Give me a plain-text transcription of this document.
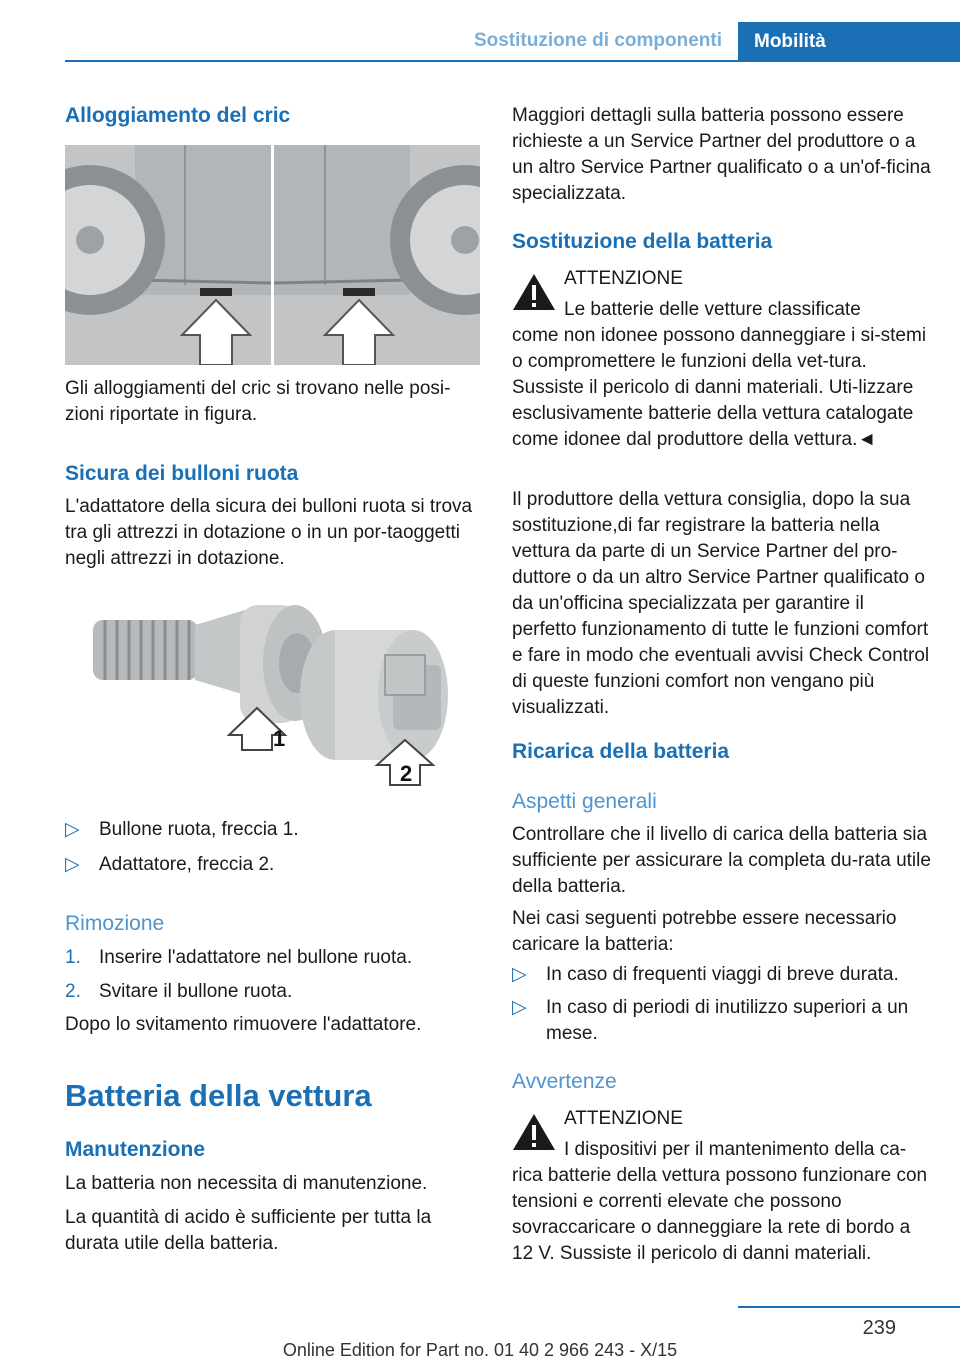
Sostituzione di componenti Mobilità
Alloggiamento del cric
Gli alloggiamenti del cric si trovano nelle posi-zioni riportate in figura.
Sicura dei bulloni ruota
L'adattatore della sicura dei bulloni ruota si trova tra gli attrezzi in dotazione o in un por-taoggetti negli attrezzi in dotazione.
1
2
▷ Bullone ruota, freccia 1.
▷ Adattatore, freccia 2.
Rimozione
1. Inserire l'adattatore nel bullone ruota.
2. Svitare il bullone ruota.
Dopo lo svitamento rimuovere l'adattatore.
Batteria della vettura
Manutenzione
La batteria non necessita di manutenzione.
La quantità di acido è sufficiente per tutta la durata utile della batteria.
Maggiori dettagli sulla batteria possono essere richieste a un Service Partner del produttore o a un altro Service Partner qualificato o a un'of-ficina specializzata.
Sostituzione della batteria
ATTENZIONE
Le batterie delle vetture classificate
come non idonee possono danneggiare i si-stemi o compromettere le funzioni della vet-tura. Sussiste il pericolo di danni materiali. Uti-lizzare esclusivamente batterie della vettura catalogate come idonee dal produttore della vettura.◄
Il produttore della vettura consiglia, dopo la sua sostituzione,di far registrare la batteria nella vettura da parte di un Service Partner del pro-duttore o da un altro Service Partner qualificato o da un'officina specializzata per garantire il perfetto funzionamento di tutte le funzioni comfort e fare in modo che eventuali avvisi Check Control di queste funzioni comfort non vengano più visualizzati.
Ricarica della batteria
Aspetti generali
Controllare che il livello di carica della batteria sia sufficiente per assicurare la completa du-rata utile della batteria.
Nei casi seguenti potrebbe essere necessario caricare la batteria:
▷ In caso di frequenti viaggi di breve durata.
▷ In caso di periodi di inutilizzo superiori a un mese.
Avvertenze
ATTENZIONE
I dispositivi per il mantenimento della ca-
rica batterie della vettura possono funzionare con tensioni e correnti elevate che possono sovraccaricare o danneggiare la rete di bordo a 12 V. Sussiste il pericolo di danni materiali.
239
Online Edition for Part no. 01 40 2 966 243 - X/15
